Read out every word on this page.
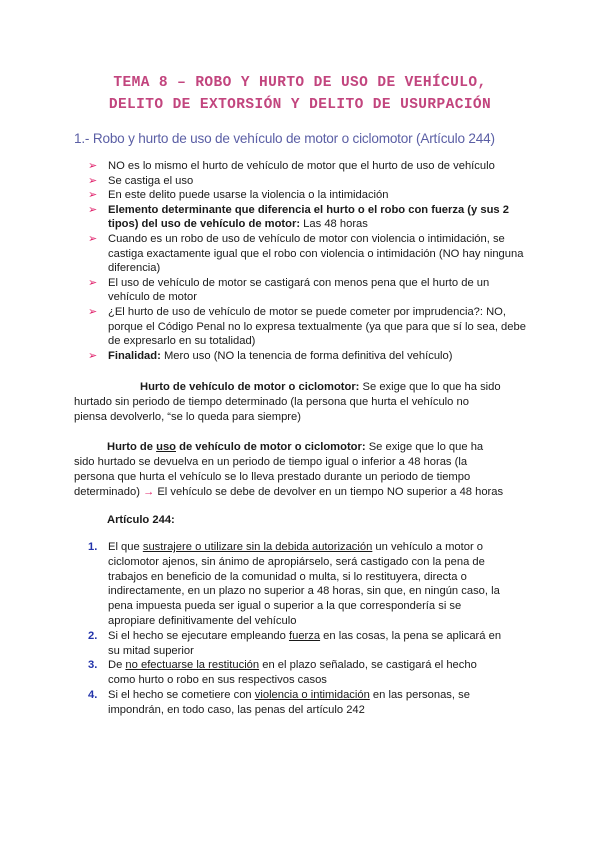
TEMA 8 – ROBO Y HURTO DE USO DE VEHÍCULO,
DELITO DE EXTORSIÓN Y DELITO DE USURPACIÓN
1.- Robo y hurto de uso de vehículo de motor o ciclomotor (Artículo 244)
➢ NO es lo mismo el hurto de vehículo de motor que el hurto de uso de vehículo
➢ Se castiga el uso
➢ En este delito puede usarse la violencia o la intimidación
➢ Elemento determinante que diferencia el hurto o el robo con fuerza (y sus 2 tipos) del uso de vehículo de motor: Las 48 horas
➢ Cuando es un robo de uso de vehículo de motor con violencia o intimidación, se castiga exactamente igual que el robo con violencia o intimidación (NO hay ninguna diferencia)
➢ El uso de vehículo de motor se castigará con menos pena que el hurto de un vehículo de motor
➢ ¿El hurto de uso de vehículo de motor se puede cometer por imprudencia?: NO, porque el Código Penal no lo expresa textualmente (ya que para que sí lo sea, debe de expresarlo en su totalidad)
➢ Finalidad: Mero uso (NO la tenencia de forma definitiva del vehículo)

Hurto de vehículo de motor o ciclomotor: Se exige que lo que ha sido hurtado sin periodo de tiempo determinado (la persona que hurta el vehículo no piensa devolverlo, “se lo queda para siempre)

Hurto de uso de vehículo de motor o ciclomotor: Se exige que lo que ha sido hurtado se devuelva en un periodo de tiempo igual o inferior a 48 horas (la persona que hurta el vehículo se lo lleva prestado durante un periodo de tiempo determinado) → El vehículo se debe de devolver en un tiempo NO superior a 48 horas

Artículo 244:
1. El que sustrajere o utilizare sin la debida autorización un vehículo a motor o ciclomotor ajenos, sin ánimo de apropiárselo, será castigado con la pena de trabajos en beneficio de la comunidad o multa, si lo restituyera, directa o indirectamente, en un plazo no superior a 48 horas, sin que, en ningún caso, la pena impuesta pueda ser igual o superior a la que correspondería si se apropiare definitivamente del vehículo
2. Si el hecho se ejecutare empleando fuerza en las cosas, la pena se aplicará en su mitad superior
3. De no efectuarse la restitución en el plazo señalado, se castigará el hecho como hurto o robo en sus respectivos casos
4. Si el hecho se cometiere con violencia o intimidación en las personas, se impondrán, en todo caso, las penas del artículo 242
